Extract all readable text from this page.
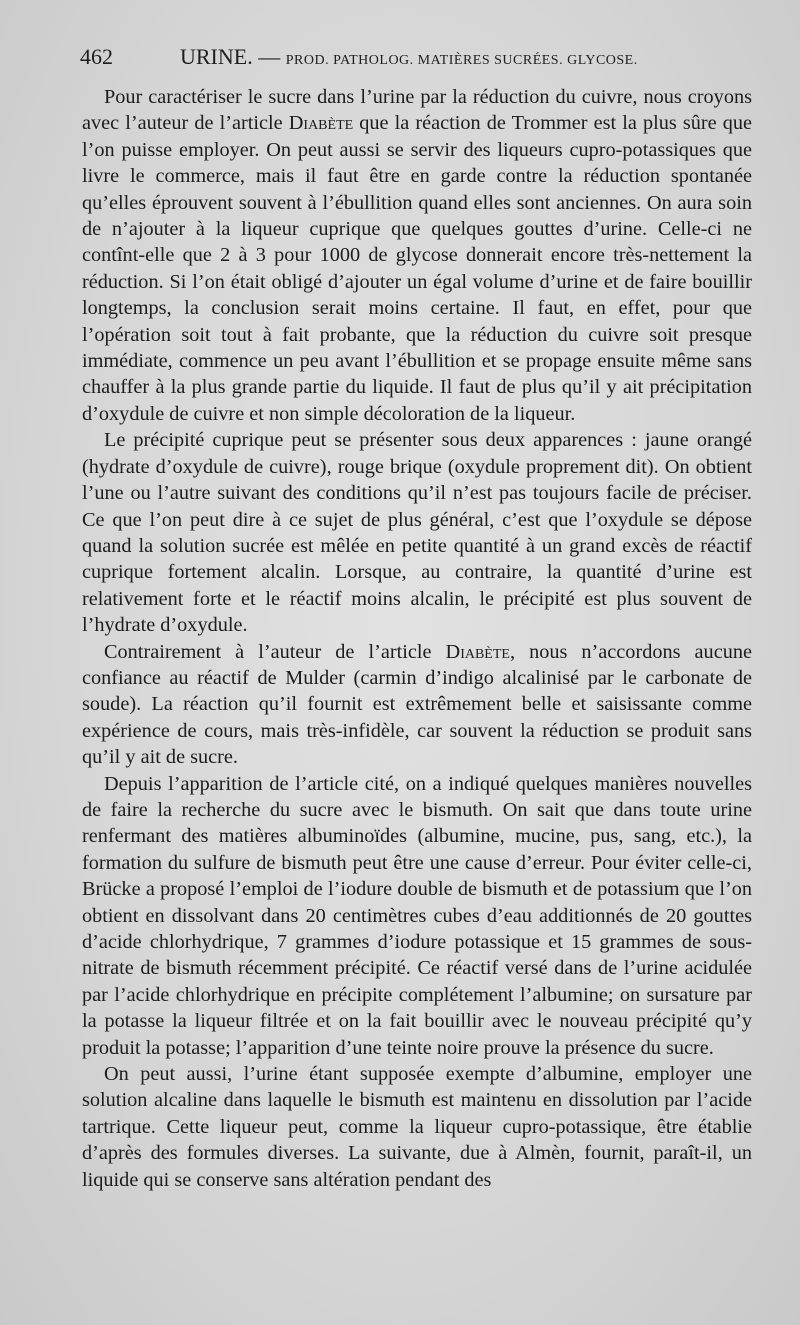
462	URINE. — PROD. PATHOLOG. MATIÈRES SUCRÉES. GLYCOSE.

Pour caractériser le sucre dans l’urine par la réduction du cuivre, nous croyons avec l’auteur de l’article Diabète que la réaction de Trommer est la plus sûre que l’on puisse employer. On peut aussi se servir des liqueurs cupro-potassiques que livre le commerce, mais il faut être en garde contre la réduction spontanée qu’elles éprouvent souvent à l’ébullition quand elles sont anciennes. On aura soin de n’ajouter à la liqueur cuprique que quelques gouttes d’urine. Celle-ci ne contînt-elle que 2 à 3 pour 1000 de glycose donnerait encore très-nettement la réduction. Si l’on était obligé d’ajouter un égal volume d’urine et de faire bouillir longtemps, la conclusion serait moins certaine. Il faut, en effet, pour que l’opération soit tout à fait probante, que la réduction du cuivre soit presque immédiate, commence un peu avant l’ébullition et se propage ensuite même sans chauffer à la plus grande partie du liquide. Il faut de plus qu’il y ait précipitation d’oxydule de cuivre et non simple décoloration de la liqueur.

Le précipité cuprique peut se présenter sous deux apparences : jaune orangé (hydrate d’oxydule de cuivre), rouge brique (oxydule proprement dit). On obtient l’une ou l’autre suivant des conditions qu’il n’est pas toujours facile de préciser. Ce que l’on peut dire à ce sujet de plus général, c’est que l’oxydule se dépose quand la solution sucrée est mêlée en petite quantité à un grand excès de réactif cuprique fortement alcalin. Lorsque, au contraire, la quantité d’urine est relativement forte et le réactif moins alcalin, le précipité est plus souvent de l’hydrate d’oxydule.

Contrairement à l’auteur de l’article Diabète, nous n’accordons aucune confiance au réactif de Mulder (carmin d’indigo alcalinisé par le carbonate de soude). La réaction qu’il fournit est extrêmement belle et saisissante comme expérience de cours, mais très-infidèle, car souvent la réduction se produit sans qu’il y ait de sucre.

Depuis l’apparition de l’article cité, on a indiqué quelques manières nouvelles de faire la recherche du sucre avec le bismuth. On sait que dans toute urine renfermant des matières albuminoïdes (albumine, mucine, pus, sang, etc.), la formation du sulfure de bismuth peut être une cause d’erreur. Pour éviter celle-ci, Brücke a proposé l’emploi de l’iodure double de bismuth et de potassium que l’on obtient en dissolvant dans 20 centimètres cubes d’eau additionnés de 20 gouttes d’acide chlorhydrique, 7 grammes d’iodure potassique et 15 grammes de sous-nitrate de bismuth récemment précipité. Ce réactif versé dans de l’urine acidulée par l’acide chlorhydrique en précipite complétement l’albumine; on sursature par la potasse la liqueur filtrée et on la fait bouillir avec le nouveau précipité qu’y produit la potasse; l’apparition d’une teinte noire prouve la présence du sucre.

On peut aussi, l’urine étant supposée exempte d’albumine, employer une solution alcaline dans laquelle le bismuth est maintenu en dissolution par l’acide tartrique. Cette liqueur peut, comme la liqueur cupro-potassique, être établie d’après des formules diverses. La suivante, due à Almèn, fournit, paraît-il, un liquide qui se conserve sans altération pendant des
